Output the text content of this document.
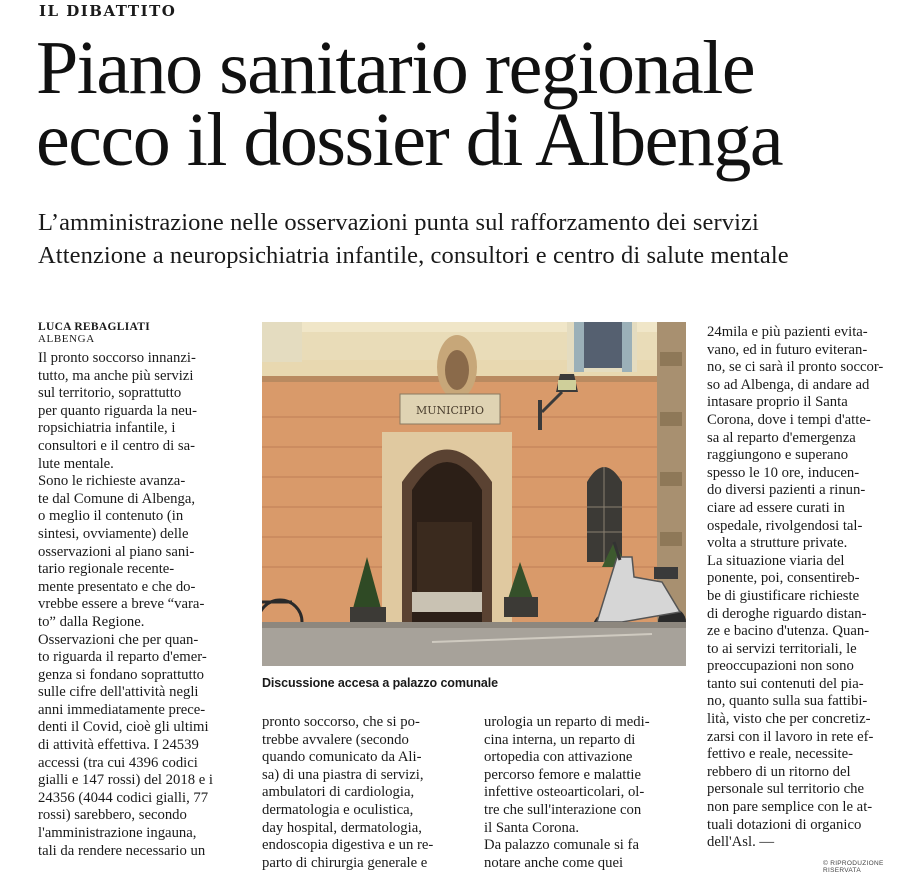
IL DIBATTITO
Piano sanitario regionale
ecco il dossier di Albenga
L’amministrazione nelle osservazioni punta sul rafforzamento dei servizi
Attenzione a neuropsichiatria infantile, consultori e centro di salute mentale
LUCA REBAGLIATI
ALBENGA
Il pronto soccorso innanzi-
tutto, ma anche più servizi
sul territorio, soprattutto
per quanto riguarda la neu-
ropsichiatria infantile, i
consultori e il centro di sa-
lute mentale.
Sono le richieste avanza-
te dal Comune di Albenga,
o meglio il contenuto (in
sintesi, ovviamente) delle
osservazioni al piano sani-
tario regionale recente-
mente presentato e che do-
vrebbe essere a breve “vara-
to” dalla Regione.
Osservazioni che per quan-
to riguarda il reparto d'emer-
genza si fondano soprattutto
sulle cifre dell'attività negli
anni immediatamente prece-
denti il Covid, cioè gli ultimi
di attività effettiva. I 24539
accessi (tra cui 4396 codici
gialli e 147 rossi) del 2018 e i
24356 (4044 codici gialli, 77
rossi) sarebbero, secondo
l'amministrazione ingauna,
tali da rendere necessario un
pronto soccorso, che si po-
trebbe avvalere (secondo
quando comunicato da Ali-
sa) di una piastra di servizi,
ambulatori di cardiologia,
dermatologia e oculistica,
day hospital, dermatologia,
endoscopia digestiva e un re-
parto di chirurgia generale e
urologia un reparto di medi-
cina interna, un reparto di
ortopedia con attivazione
percorso femore e malattie
infettive osteoarticolari, ol-
tre che sull'interazione con
il Santa Corona.
Da palazzo comunale si fa
notare anche come quei
24mila e più pazienti evita-
vano, ed in futuro eviteran-
no, se ci sarà il pronto soccor-
so ad Albenga, di andare ad
intasare proprio il Santa
Corona, dove i tempi d'atte-
sa al reparto d'emergenza
raggiungono e superano
spesso le 10 ore, inducen-
do diversi pazienti a rinun-
ciare ad essere curati in
ospedale, rivolgendosi tal-
volta a strutture private.
La situazione viaria del
ponente, poi, consentireb-
be di giustificare richieste
di deroghe riguardo distan-
ze e bacino d'utenza. Quan-
to ai servizi territoriali, le
preoccupazioni non sono
tanto sui contenuti del pia-
no, quanto sulla sua fattibi-
lità, visto che per concretiz-
zarsi con il lavoro in rete ef-
fettivo e reale, necessite-
rebbero di un ritorno del
personale sul territorio che
non pare semplice con le at-
tuali dotazioni di organico
dell'Asl. —
MUNICIPIO
Discussione accesa a palazzo comunale
© RIPRODUZIONE RISERVATA
